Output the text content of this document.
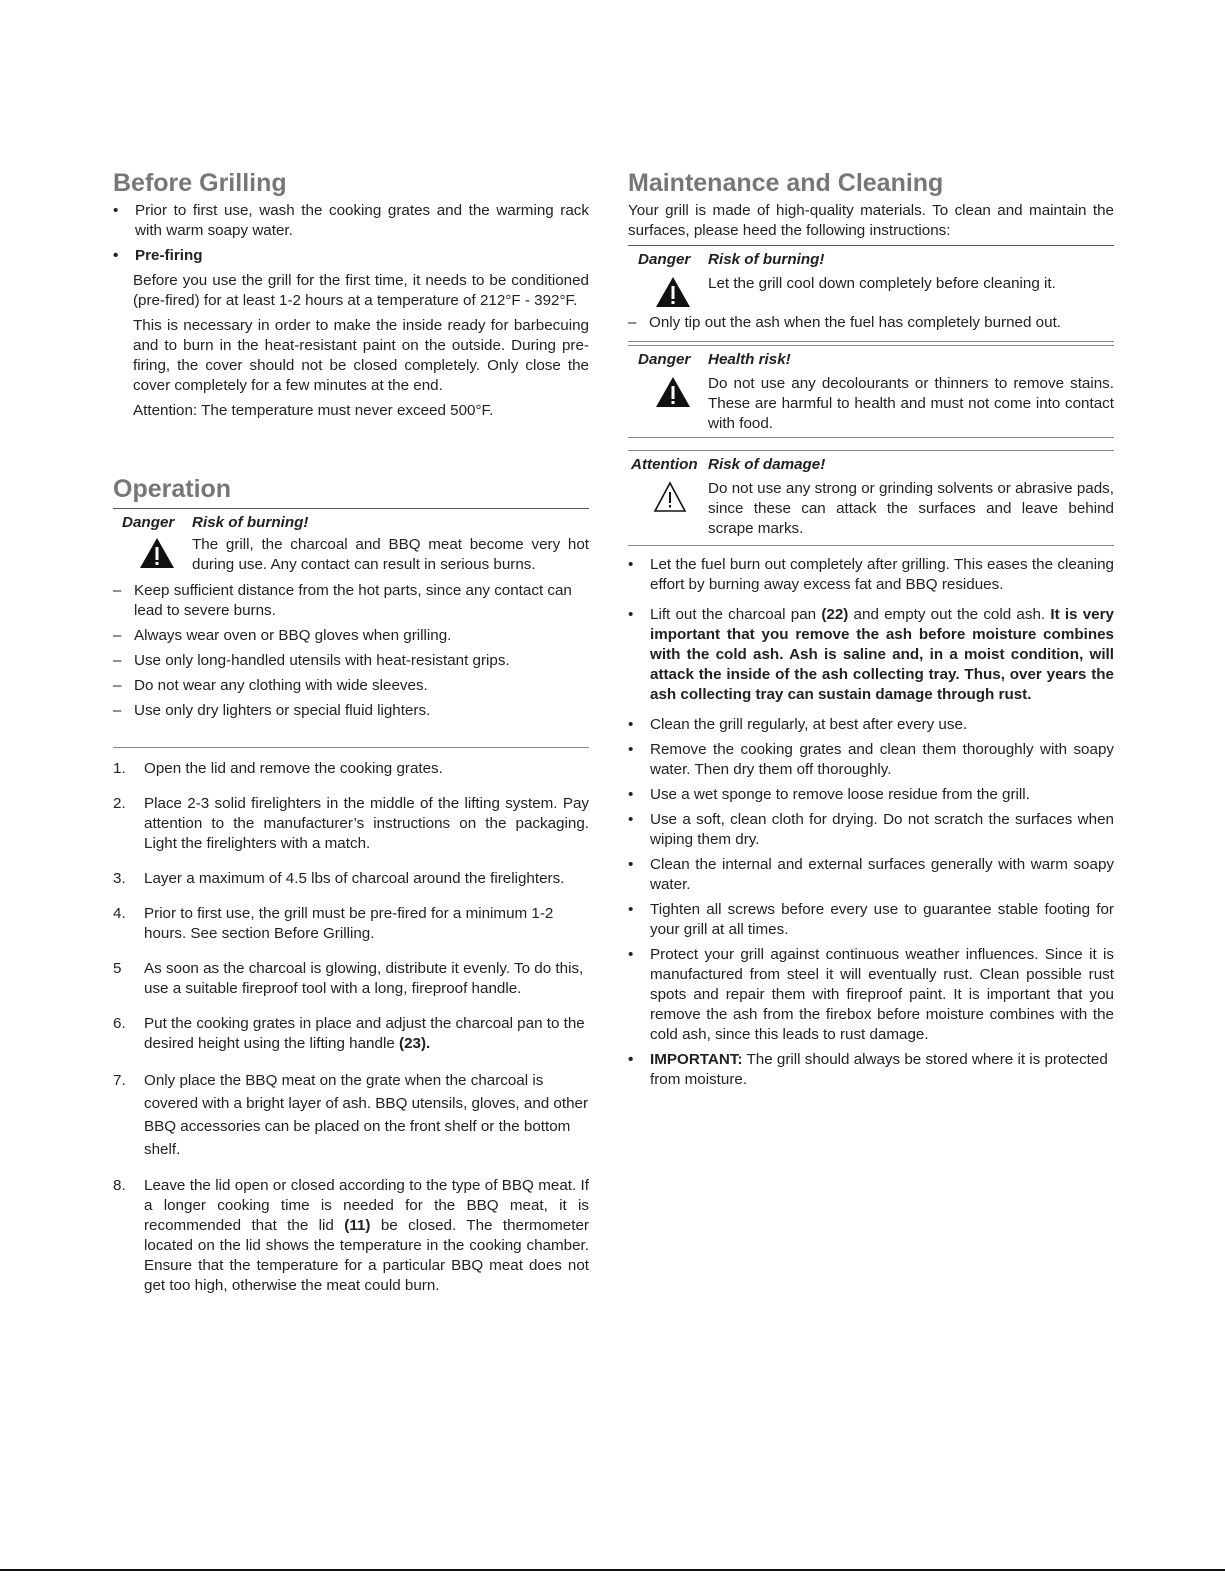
Before Grilling
• Prior to first use, wash the cooking grates and the warming rack with warm soapy water.
• Pre-firing

Before you use the grill for the first time, it needs to be conditioned (pre-fired) for at least 1-2 hours at a temperature of 212°F - 392°F.

This is necessary in order to make the inside ready for barbecuing and to burn in the heat-resistant paint on the outside. During pre-firing, the cover should not be closed completely. Only close the cover completely for a few minutes at the end.

Attention: The temperature must never exceed 500°F.

Operation
Danger	Risk of burning!
The grill, the charcoal and BBQ meat become very hot during use. Any contact can result in serious burns.
– Keep sufficient distance from the hot parts, since any contact can lead to severe burns.
– Always wear oven or BBQ gloves when grilling.
– Use only long-handled utensils with heat-resistant grips.
– Do not wear any clothing with wide sleeves.
– Use only dry lighters or special fluid lighters.
1. Open the lid and remove the cooking grates.
2. Place 2-3 solid firelighters in the middle of the lifting system. Pay attention to the manufacturer’s instructions on the packaging. Light the firelighters with a match.
3. Layer a maximum of 4.5 lbs of charcoal around the firelighters.
4. Prior to first use, the grill must be pre-fired for a minimum 1-2 hours. See section Before Grilling.
5 As soon as the charcoal is glowing, distribute it evenly. To do this, use a suitable fireproof tool with a long, fireproof handle.
6. Put the cooking grates in place and adjust the charcoal pan to the desired height using the lifting handle (23).
7. Only place the BBQ meat on the grate when the charcoal is covered with a bright layer of ash. BBQ utensils, gloves, and other BBQ accessories can be placed on the front shelf or the bottom shelf.
8. Leave the lid open or closed according to the type of BBQ meat. If a longer cooking time is needed for the BBQ meat, it is recommended that the lid (11) be closed. The thermometer located on the lid shows the temperature in the cooking chamber. Ensure that the temperature for a particular BBQ meat does not get too high, otherwise the meat could burn.
Maintenance and Cleaning

Your grill is made of high-quality materials. To clean and maintain the surfaces, please heed the following instructions:

Danger	Risk of burning!
Let the grill cool down completely before cleaning it.
– Only tip out the ash when the fuel has completely burned out.
Danger	Health risk!
Do not use any decolourants or thinners to remove stains. These are harmful to health and must not come into contact with food.
Attention Risk of damage!
Do not use any strong or grinding solvents or abrasive pads, since these can attack the surfaces and leave behind scrape marks.
• Let the fuel burn out completely after grilling. This eases the cleaning effort by burning away excess fat and BBQ residues.
• Lift out the charcoal pan (22) and empty out the cold ash. It is very important that you remove the ash before moisture combines with the cold ash. Ash is saline and, in a moist condition, will attack the inside of the ash collecting tray. Thus, over years the ash collecting tray can sustain damage through rust.
• Clean the grill regularly, at best after every use.
• Remove the cooking grates and clean them thoroughly with soapy water. Then dry them off thoroughly.
• Use a wet sponge to remove loose residue from the grill.
• Use a soft, clean cloth for drying. Do not scratch the surfaces when wiping them dry.
• Clean the internal and external surfaces generally with warm soapy water.
• Tighten all screws before every use to guarantee stable footing for your grill at all times.
• Protect your grill against continuous weather influences. Since it is manufactured from steel it will eventually rust. Clean possible rust spots and repair them with fireproof paint. It is important that you remove the ash from the firebox before moisture combines with the cold ash, since this leads to rust damage.
• IMPORTANT: The grill should always be stored where it is protected from moisture.
